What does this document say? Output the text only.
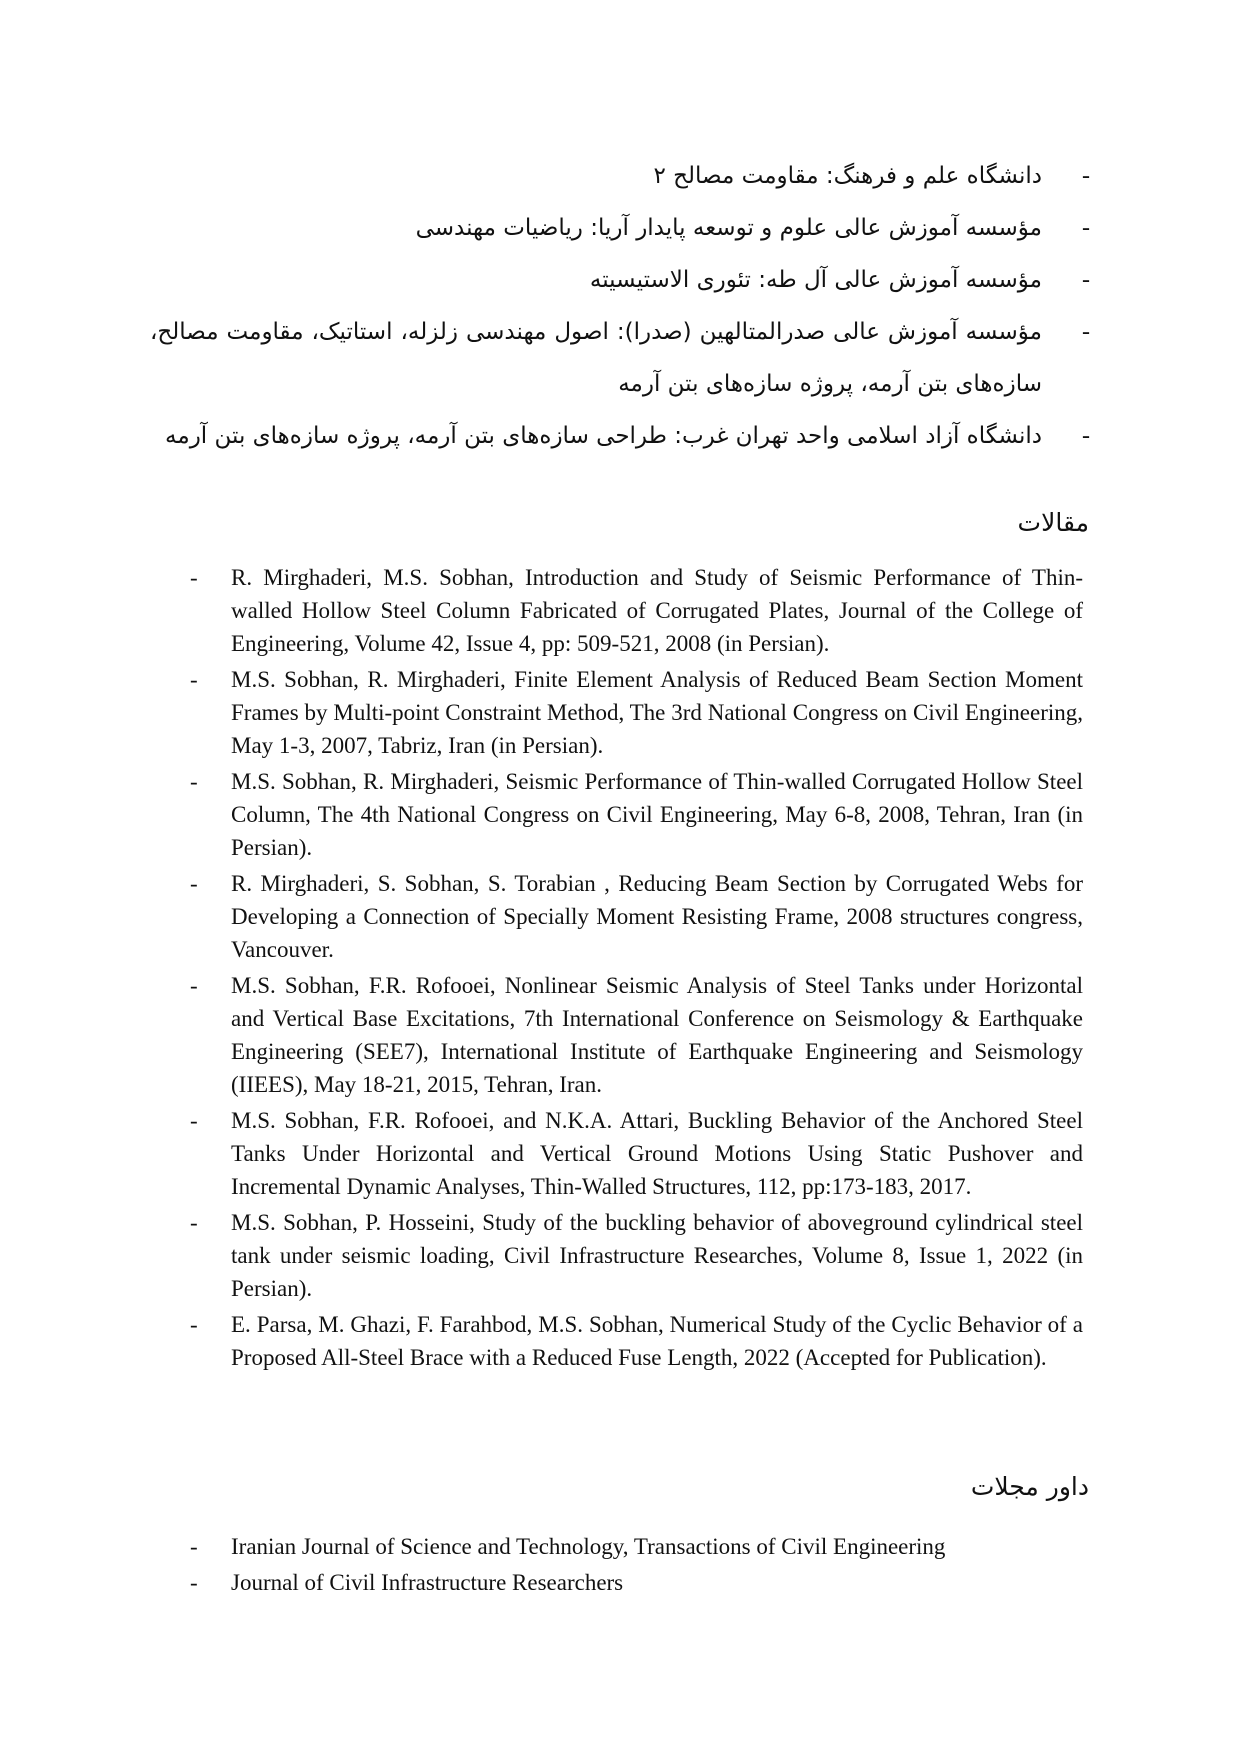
-
دانشگاه علم و فرهنگ: مقاومت مصالح ۲
-
مؤسسه آموزش عالی علوم و توسعه پایدار آریا: ریاضیات مهندسی
-
مؤسسه آموزش عالی آل طه: تئوری الاستیسیته
-
مؤسسه آموزش عالی صدرالمتالهین (صدرا): اصول مهندسی زلزله، استاتیک، مقاومت مصالح، سازه‌های بتن آرمه، پروژه سازه‌های بتن آرمه
-
دانشگاه آزاد اسلامی واحد تهران غرب: طراحی سازه‌های بتن آرمه، پروژه سازه‌های بتن آرمه
مقالات
- R. Mirghaderi, M.S. Sobhan, Introduction and Study of Seismic Performance of Thin-walled Hollow Steel Column Fabricated of Corrugated Plates, Journal of the College of Engineering, Volume 42, Issue 4, pp: 509-521, 2008 (in Persian).
- M.S. Sobhan, R. Mirghaderi, Finite Element Analysis of Reduced Beam Section Moment Frames by Multi-point Constraint Method, The 3rd National Congress on Civil Engineering, May 1-3, 2007, Tabriz, Iran (in Persian).
- M.S. Sobhan, R. Mirghaderi, Seismic Performance of Thin-walled Corrugated Hollow Steel Column, The 4th National Congress on Civil Engineering, May 6-8, 2008, Tehran, Iran (in Persian).
- R. Mirghaderi, S. Sobhan, S. Torabian , Reducing Beam Section by Corrugated Webs for Developing a Connection of Specially Moment Resisting Frame, 2008 structures congress, Vancouver.
- M.S. Sobhan, F.R. Rofooei, Nonlinear Seismic Analysis of Steel Tanks under Horizontal and Vertical Base Excitations, 7th International Conference on Seismology & Earthquake Engineering (SEE7), International Institute of Earthquake Engineering and Seismology (IIEES), May 18-21, 2015, Tehran, Iran.
- M.S. Sobhan, F.R. Rofooei, and N.K.A. Attari, Buckling Behavior of the Anchored Steel Tanks Under Horizontal and Vertical Ground Motions Using Static Pushover and Incremental Dynamic Analyses, Thin-Walled Structures, 112, pp:173-183, 2017.
- M.S. Sobhan, P. Hosseini, Study of the buckling behavior of aboveground cylindrical steel tank under seismic loading, Civil Infrastructure Researches, Volume 8, Issue 1, 2022 (in Persian).
- E. Parsa, M. Ghazi, F. Farahbod, M.S. Sobhan, Numerical Study of the Cyclic Behavior of a Proposed All-Steel Brace with a Reduced Fuse Length, 2022 (Accepted for Publication).
داور مجلات
- Iranian Journal of Science and Technology, Transactions of Civil Engineering
- Journal of Civil Infrastructure Researchers
